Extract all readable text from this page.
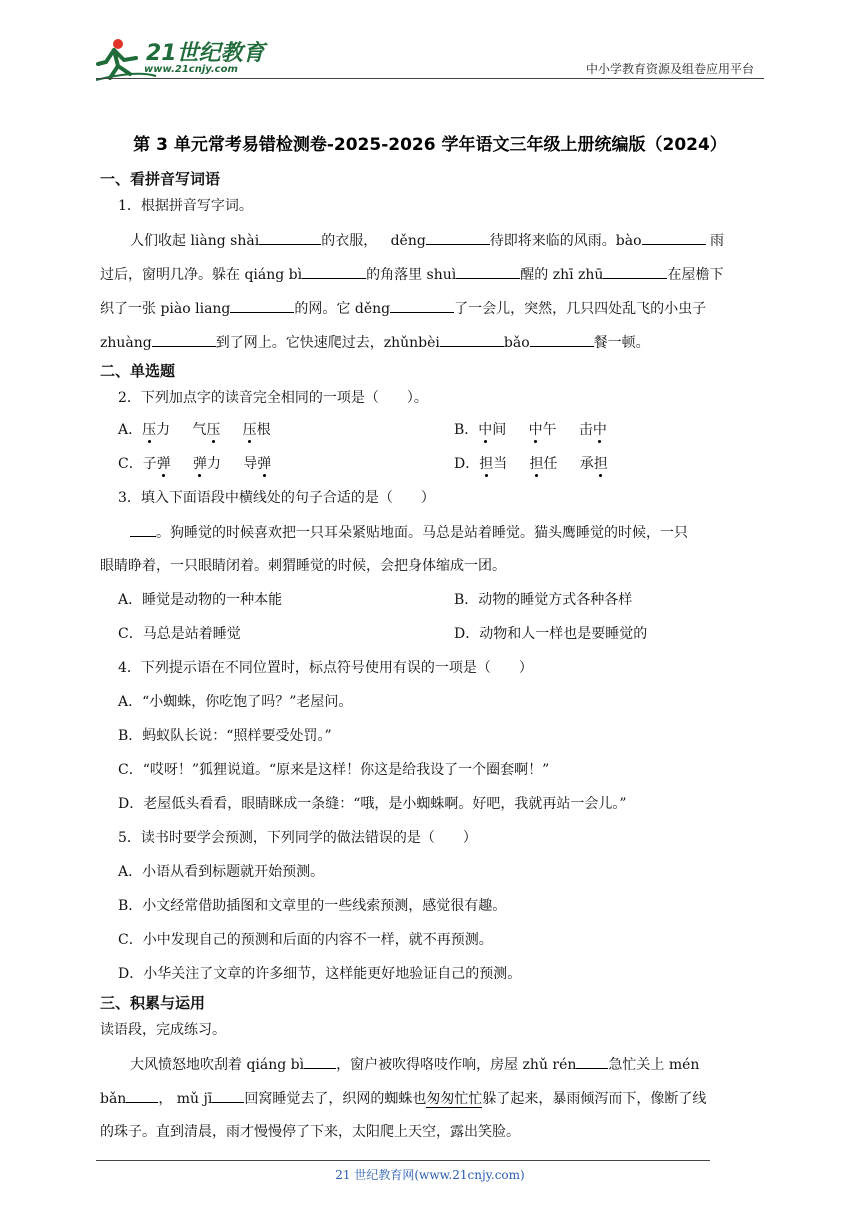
21世纪教育
www.21cnjy.com	中小学教育资源及组卷应用平台
第 3 单元常考易错检测卷-2025-2026 学年语文三年级上册统编版（2024）
一、看拼音写词语
1．根据拼音写字词。
人们收起 liàng shài	的衣服， děng	待即将来临的风雨。bào	雨
过后，窗明几净。躲在 qiáng bì	的角落里 shuì	醒的 zhī zhū	在屋檐下
织了一张 piào liang	的网。它 děng	了一会儿，突然，几只四处乱飞的小虫子
zhuàng	到了网上。它快速爬过去，zhǔnbèi	bǎo	餐一顿。
二、单选题
2．下列加点字的读音完全相同的一项是（　　）。
A．压力 气压 压根	B．中间 中午 击中
C．子弹 弹力 导弹	D．担当 担任 承担
3．填入下面语段中横线处的句子合适的是（　　）
。狗睡觉的时候喜欢把一只耳朵紧贴地面。马总是站着睡觉。猫头鹰睡觉的时候，一只
眼睛睁着，一只眼睛闭着。刺猬睡觉的时候，会把身体缩成一团。
A．睡觉是动物的一种本能	B．动物的睡觉方式各种各样
C．马总是站着睡觉	D．动物和人一样也是要睡觉的
4．下列提示语在不同位置时，标点符号使用有误的一项是（　　）
A．“小蜘蛛，你吃饱了吗？”老屋问。
B．蚂蚁队长说：“照样要受处罚。”
C．“哎呀！”狐狸说道。“原来是这样！你这是给我设了一个圈套啊！”
D．老屋低头看看，眼睛眯成一条缝：“哦，是小蜘蛛啊。好吧，我就再站一会儿。”
5．读书时要学会预测，下列同学的做法错误的是（　　）
A．小语从看到标题就开始预测。
B．小文经常借助插图和文章里的一些线索预测，感觉很有趣。
C．小中发现自己的预测和后面的内容不一样，就不再预测。
D．小华关注了文章的许多细节，这样能更好地验证自己的预测。
三、积累与运用
读语段，完成练习。
大风愤怒地吹刮着 qiáng bì ，窗户被吹得咯吱作响，房屋 zhǔ rén 急忙关上 mén
bǎn ， mǔ jī 回窝睡觉去了，织网的蜘蛛也匆匆忙忙躲了起来，暴雨倾泻而下，像断了线
的珠子。直到清晨，雨才慢慢停了下来，太阳爬上天空，露出笑脸。
21 世纪教育网(www.21cnjy.com)
